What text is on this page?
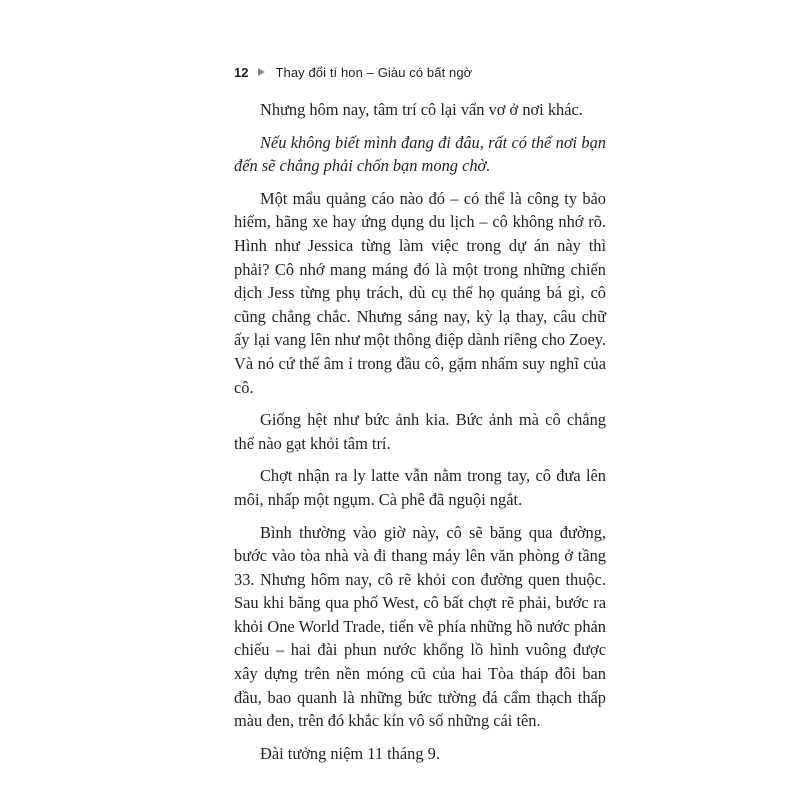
12 Thay đổi tí hon – Giàu có bất ngờ

Nhưng hôm nay, tâm trí cô lại vẩn vơ ở nơi khác.

Nếu không biết mình đang đi đâu, rất có thể nơi bạn đến sẽ chẳng phải chốn bạn mong chờ.

Một mẩu quảng cáo nào đó – có thể là công ty bảo hiểm, hãng xe hay ứng dụng du lịch – cô không nhớ rõ. Hình như Jessica từng làm việc trong dự án này thì phải? Cô nhớ mang máng đó là một trong những chiến dịch Jess từng phụ trách, dù cụ thể họ quảng bá gì, cô cũng chẳng chắc. Nhưng sáng nay, kỳ lạ thay, câu chữ ấy lại vang lên như một thông điệp dành riêng cho Zoey. Và nó cứ thế âm ỉ trong đầu cô, gặm nhấm suy nghĩ của cô.

Giống hệt như bức ảnh kia. Bức ảnh mà cô chẳng thể nào gạt khỏi tâm trí.

Chợt nhận ra ly latte vẫn nằm trong tay, cô đưa lên môi, nhấp một ngụm. Cà phê đã nguội ngắt.

Bình thường vào giờ này, cô sẽ băng qua đường, bước vào tòa nhà và đi thang máy lên văn phòng ở tầng 33. Nhưng hôm nay, cô rẽ khỏi con đường quen thuộc. Sau khi băng qua phố West, cô bất chợt rẽ phải, bước ra khỏi One World Trade, tiến về phía những hồ nước phản chiếu – hai đài phun nước khổng lồ hình vuông được xây dựng trên nền móng cũ của hai Tòa tháp đôi ban đầu, bao quanh là những bức tường đá cẩm thạch thấp màu đen, trên đó khắc kín vô số những cái tên.

Đài tưởng niệm 11 tháng 9.
